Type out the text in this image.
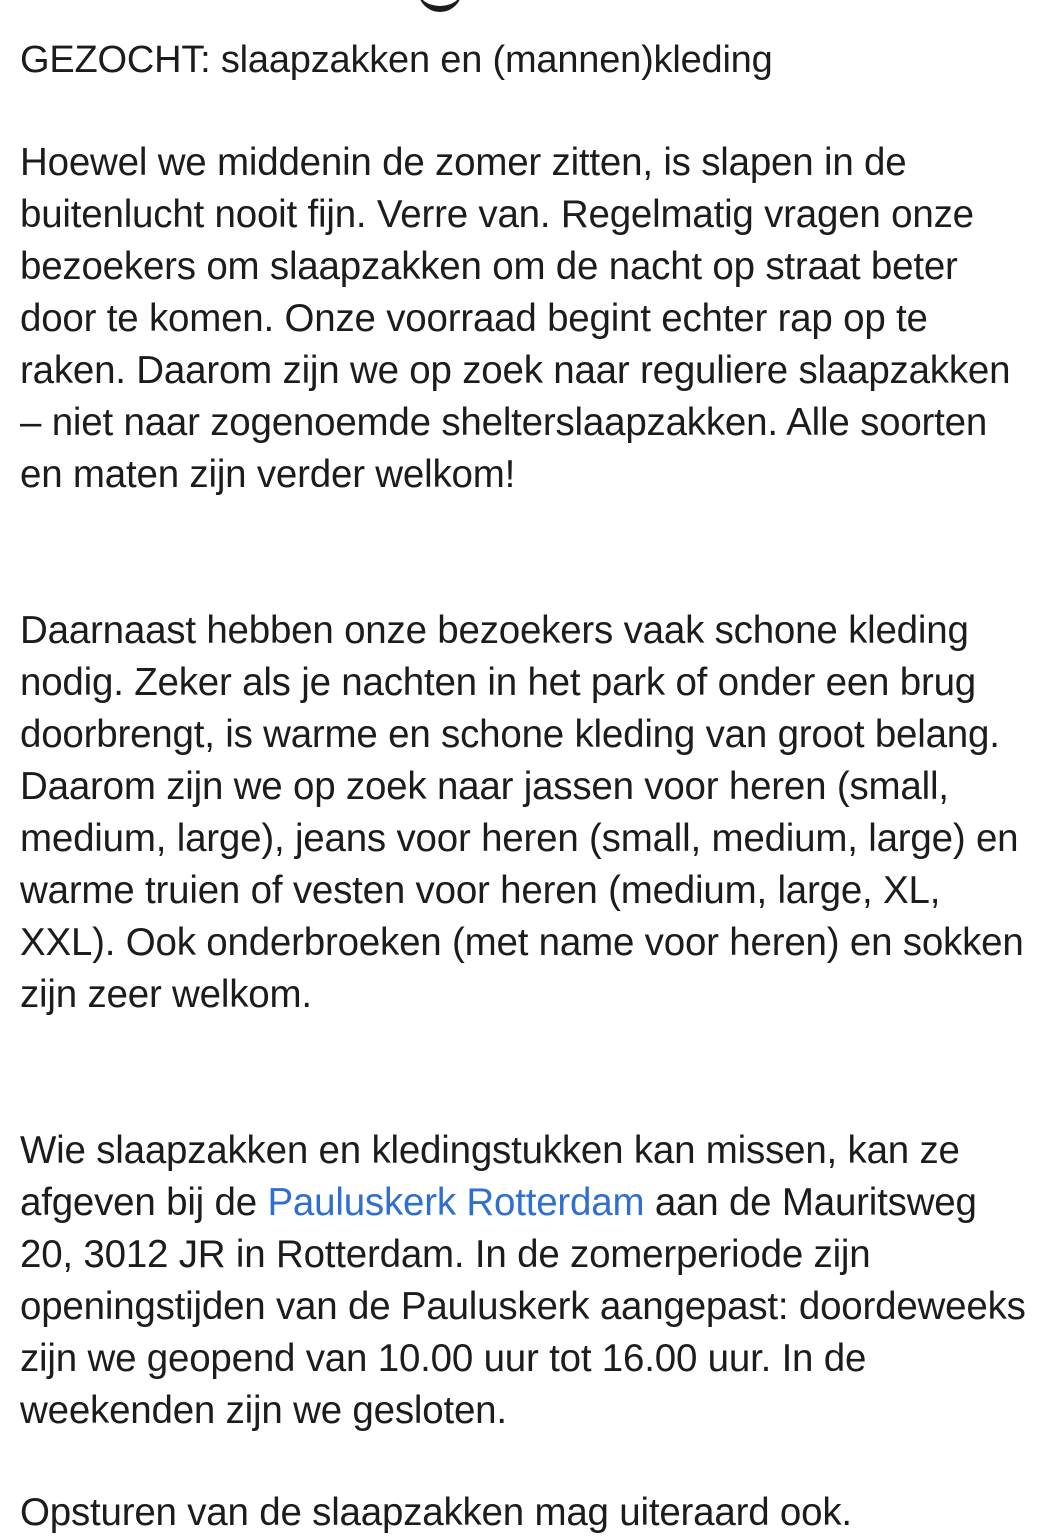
GEZOCHT: slaapzakken en (mannen)kleding

Hoewel we middenin de zomer zitten, is slapen in de buitenlucht nooit fijn. Verre van. Regelmatig vragen onze bezoekers om slaapzakken om de nacht op straat beter door te komen. Onze voorraad begint echter rap op te raken. Daarom zijn we op zoek naar reguliere slaapzakken – niet naar zogenoemde shelterslaapzakken. Alle soorten en maten zijn verder welkom!

Daarnaast hebben onze bezoekers vaak schone kleding nodig. Zeker als je nachten in het park of onder een brug doorbrengt, is warme en schone kleding van groot belang. Daarom zijn we op zoek naar jassen voor heren (small, medium, large), jeans voor heren (small, medium, large) en warme truien of vesten voor heren (medium, large, XL, XXL). Ook onderbroeken (met name voor heren) en sokken zijn zeer welkom.

Wie slaapzakken en kledingstukken kan missen, kan ze afgeven bij de Pauluskerk Rotterdam aan de Mauritsweg 20, 3012 JR in Rotterdam. In de zomerperiode zijn openingstijden van de Pauluskerk aangepast: doordeweeks zijn we geopend van 10.00 uur tot 16.00 uur. In de weekenden zijn we gesloten.

Opsturen van de slaapzakken mag uiteraard ook.
